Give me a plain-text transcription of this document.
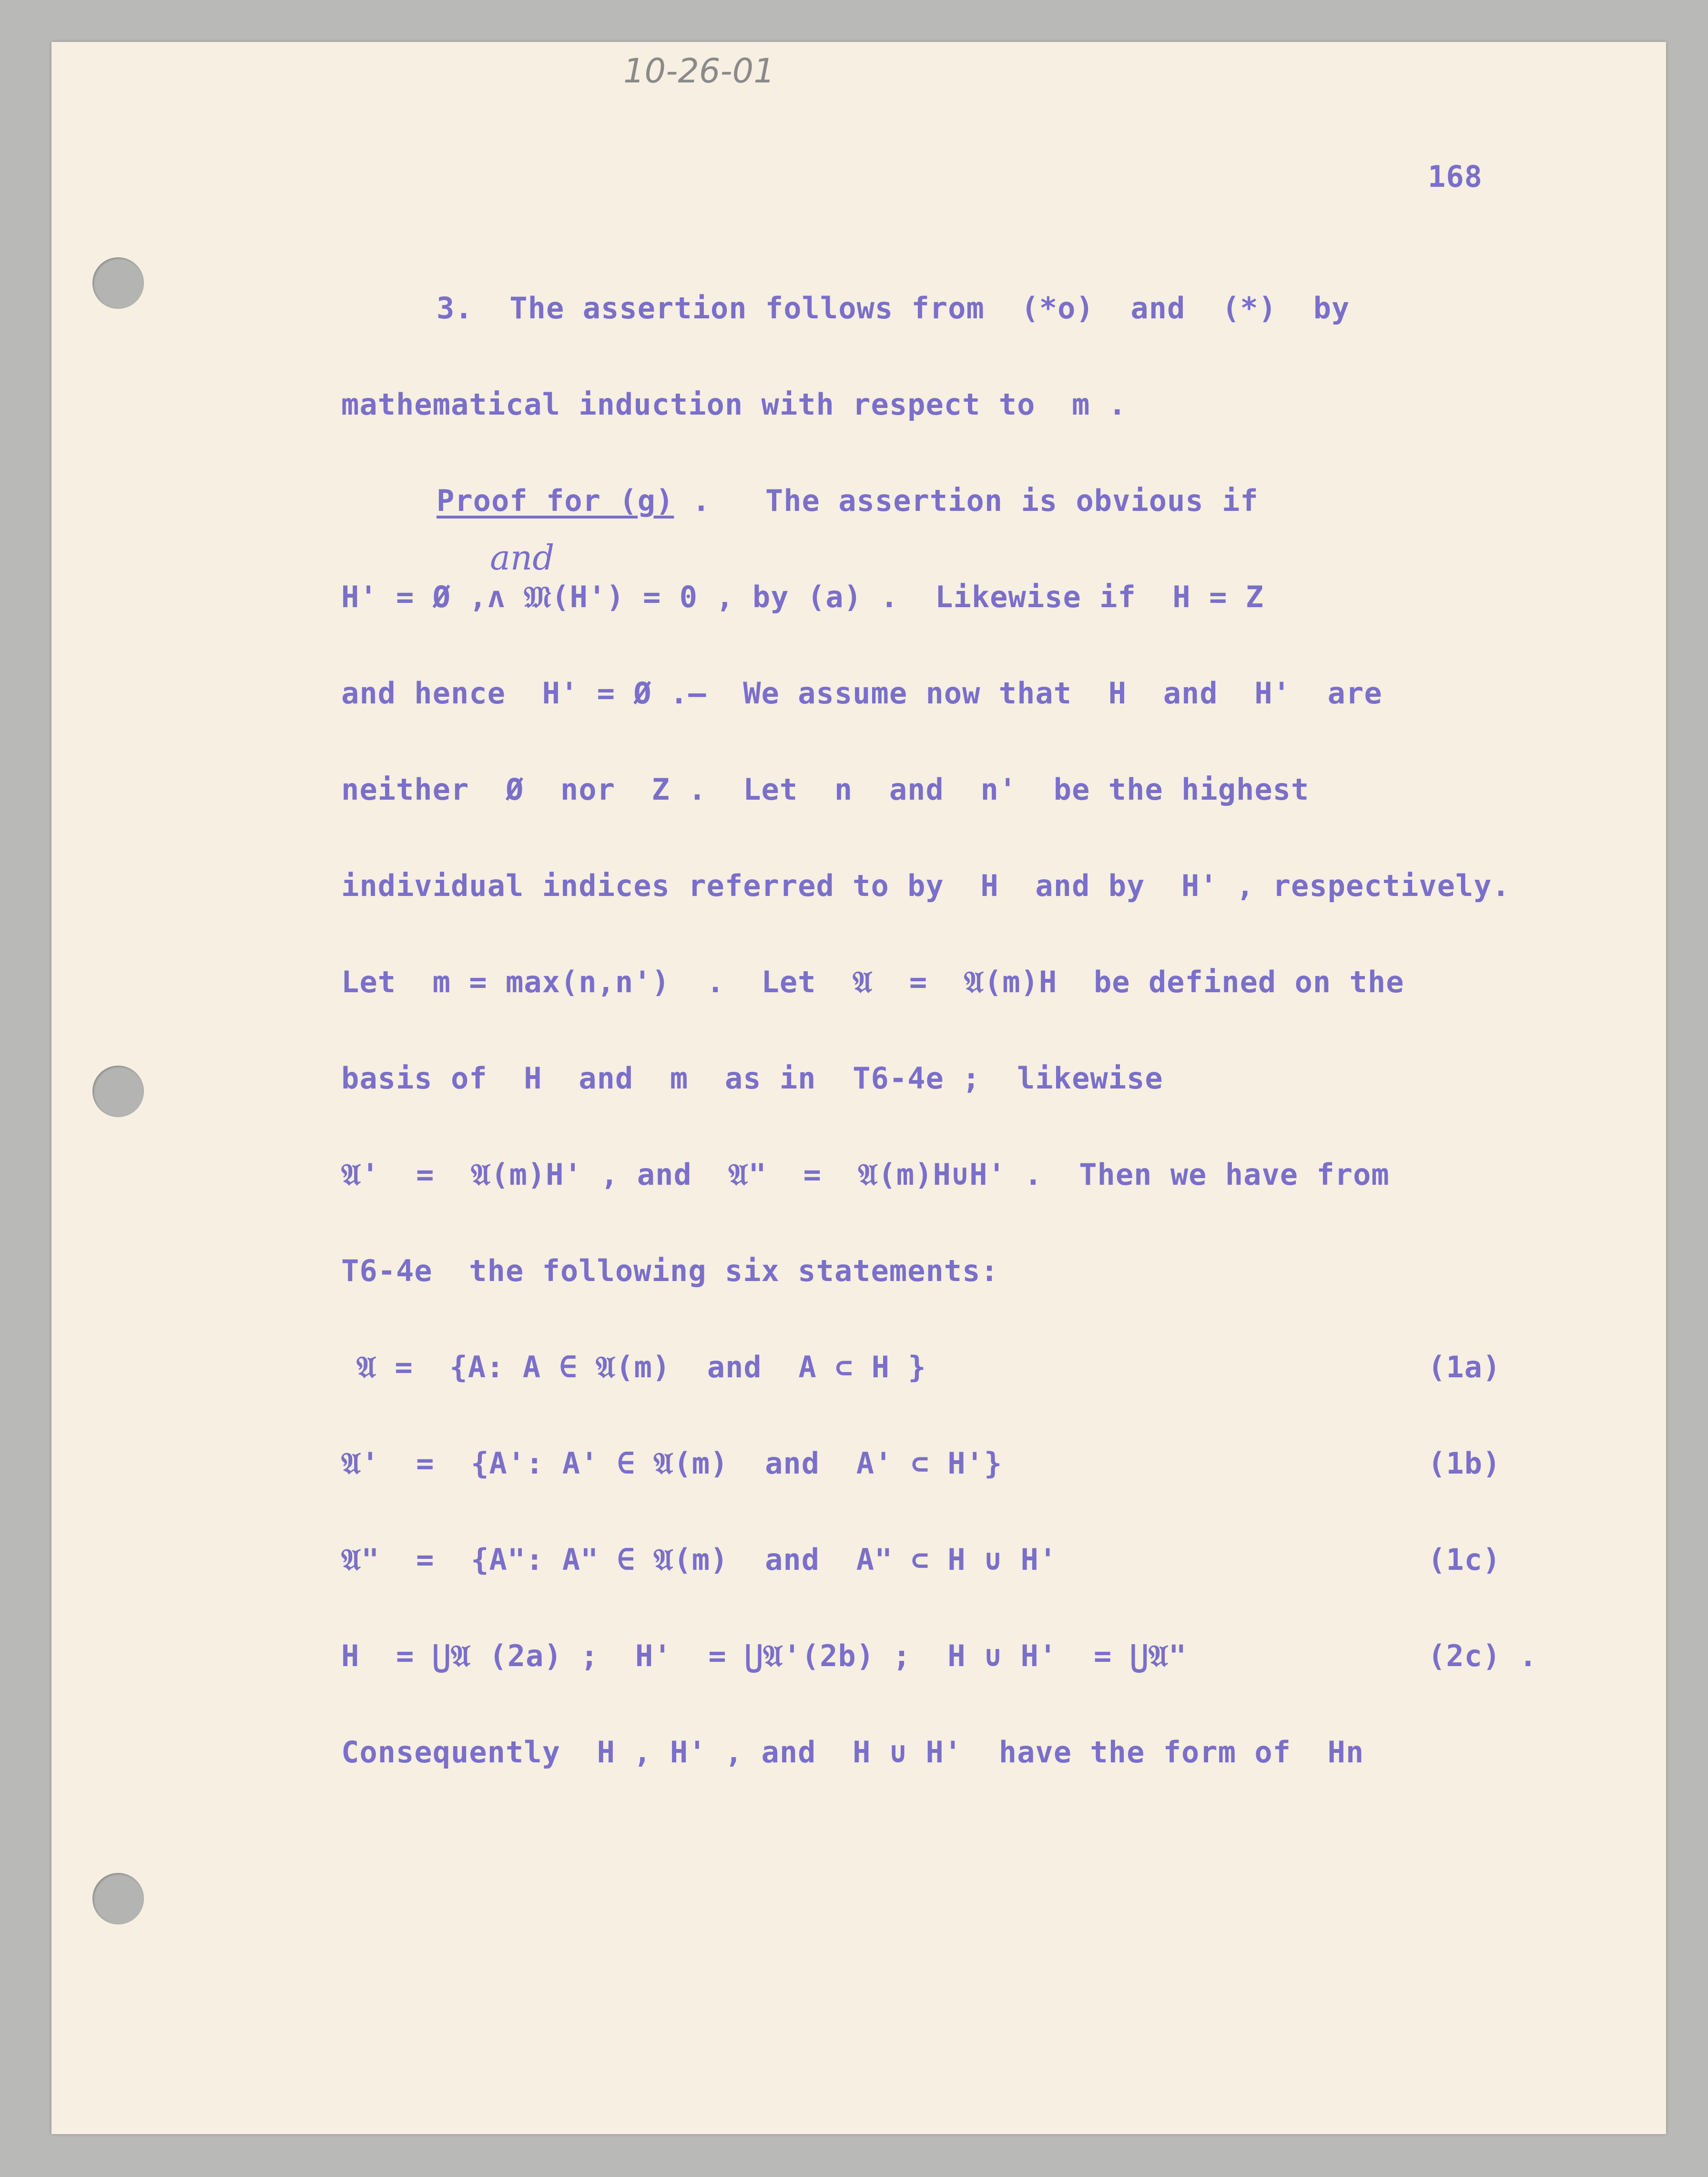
10-26-01
168
3.  The assertion follows from  (*o)  and  (*)  by
mathematical induction with respect to  m .
Proof for (g) .   The assertion is obvious if
and
H' = Ø ,ʌ 𝔐(H') = 0 , by (a) .  Likewise if  H = Z
and hence  H' = Ø .—  We assume now that  H  and  H'  are
neither  Ø  nor  Z .  Let  n  and  n'  be the highest
individual indices referred to by  H  and by  H' , respectively.
Let  m = max(n,n')  .  Let  𝔄  =  𝔄(m)H  be defined on the
basis of  H  and  m  as in  T6-4e ;  likewise
𝔄'  =  𝔄(m)H' , and  𝔄"  =  𝔄(m)H∪H' .  Then we have from
T6-4e  the following six statements:
𝔄 =  {A: A ∈ 𝔄(m)  and  A ⊂ H }	(1a)
𝔄'  =  {A': A' ∈ 𝔄(m)  and  A' ⊂ H'}	(1b)
𝔄"  =  {A": A" ∈ 𝔄(m)  and  A" ⊂ H ∪ H'	(1c)
H  = ⋃𝔄 (2a) ;  H'  = ⋃𝔄'(2b) ;  H ∪ H'  = ⋃𝔄"	(2c) .
Consequently  H , H' , and  H ∪ H'  have the form of  Hn
